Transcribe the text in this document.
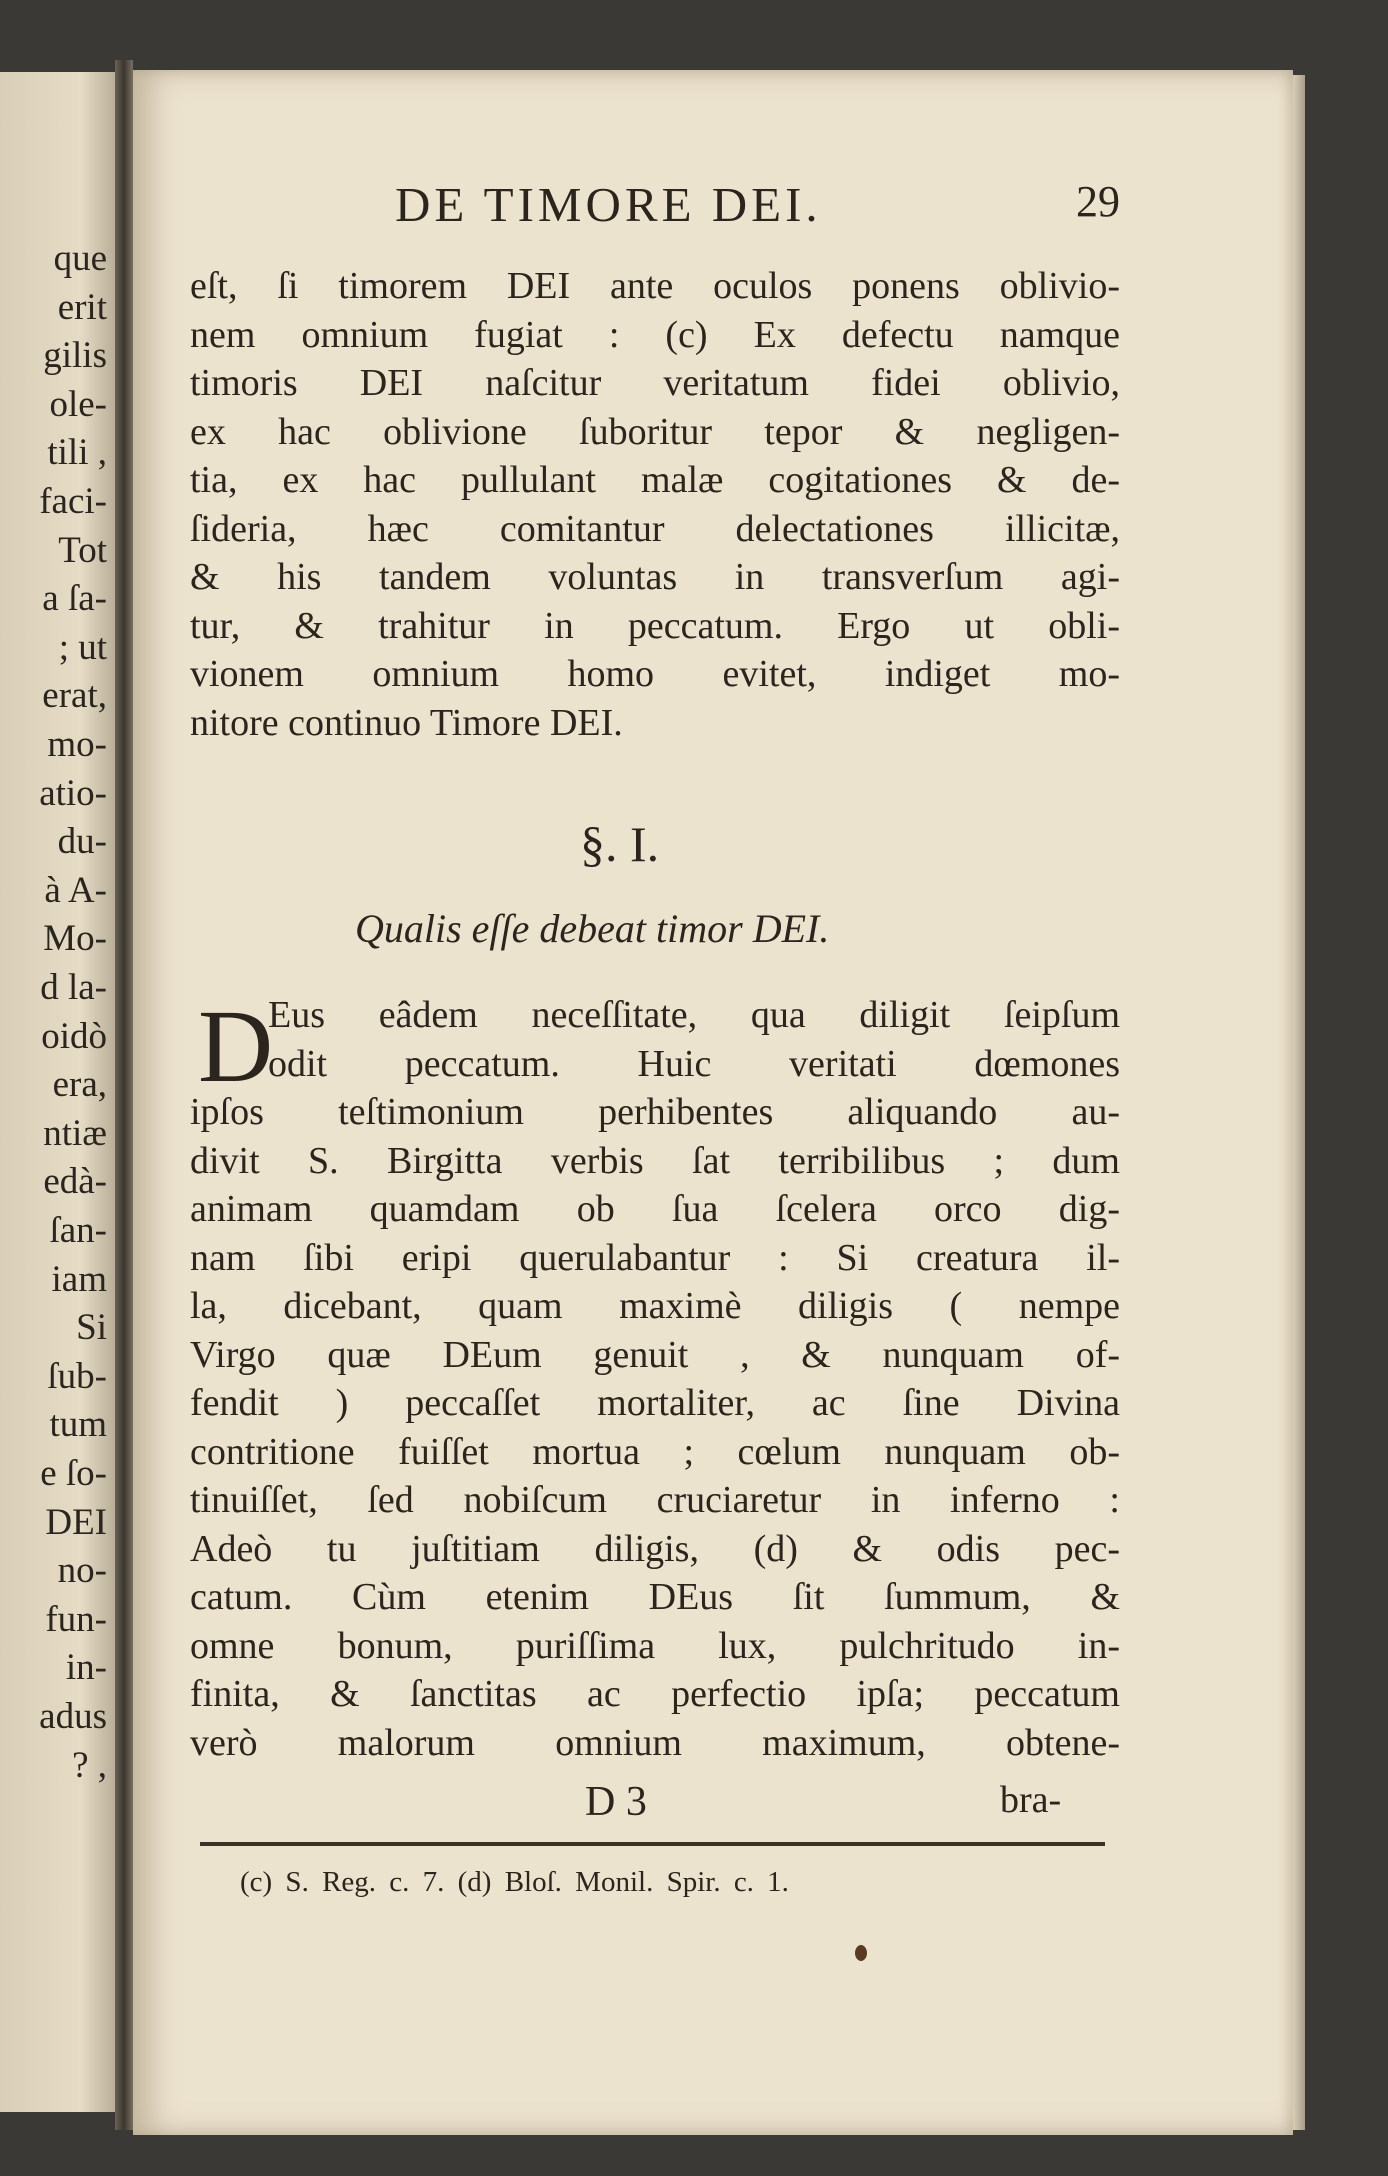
que
erit
gilis
ole-
tili ,
faci-
Tot
a ſa-
; ut
erat,
mo-
atio-
du-
à A-
Mo-
d la-
oidò
era,
ntiæ
edà-
ſan-
iam
Si
ſub-
tum
e ſo-
DEI
no-
fun-
in-
adus
? ,
DE TIMORE DEI.	29
eſt, ſi timorem DEI ante oculos ponens oblivio-
nem omnium fugiat : (c) Ex defectu namque
timoris DEI naſcitur veritatum fidei oblivio,
ex hac oblivione ſuboritur tepor & negligen-
tia, ex hac pullulant malæ cogitationes & de-
ſideria, hæc comitantur delectationes illicitæ,
& his tandem voluntas in transverſum agi-
tur, & trahitur in peccatum. Ergo ut obli-
vionem omnium homo evitet, indiget mo-
nitore continuo Timore DEI.
§. I.
Qualis eſſe debeat timor DEI.
D
Eus eâdem neceſſitate, qua diligit ſeipſum
odit peccatum. Huic veritati dœmones
ipſos teſtimonium perhibentes aliquando au-
divit S. Birgitta verbis ſat terribilibus ; dum
animam quamdam ob ſua ſcelera orco dig-
nam ſibi eripi querulabantur : Si creatura il-
la, dicebant, quam maximè diligis ( nempe
Virgo quæ DEum genuit , & nunquam of-
fendit ) peccaſſet mortaliter, ac ſine Divina
contritione fuiſſet mortua ; cœlum nunquam ob-
tinuiſſet, ſed nobiſcum cruciaretur in inferno :
Adeò tu juſtitiam diligis, (d) & odis pec-
catum. Cùm etenim DEus ſit ſummum, &
omne bonum, puriſſima lux, pulchritudo in-
finita, & ſanctitas ac perfectio ipſa; peccatum
verò malorum omnium maximum, obtene-
D 3	bra-
(c) S. Reg. c. 7. (d) Bloſ. Monil. Spir. c. 1.
